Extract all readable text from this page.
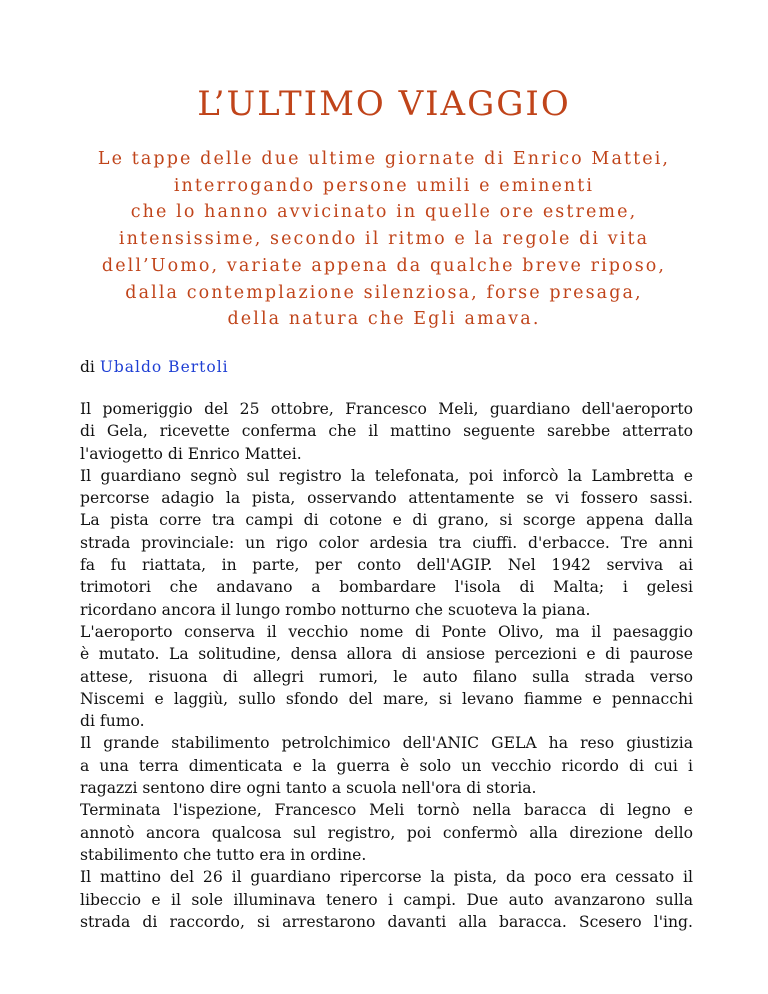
L’ULTIMO VIAGGIO
Le tappe delle due ultime giornate di Enrico Mattei,
interrogando persone umili e eminenti
che lo hanno avvicinato in quelle ore estreme,
intensissime, secondo il ritmo e la regole di vita
dell’Uomo, variate appena da qualche breve riposo,
dalla contemplazione silenziosa, forse presaga,
della natura che Egli amava.
di Ubaldo Bertoli
Il pomeriggio del 25 ottobre, Francesco Meli, guardiano dell'aeroporto
di Gela, ricevette conferma che il mattino seguente sarebbe atterrato
l'aviogetto di Enrico Mattei.
Il guardiano segnò sul registro la telefonata, poi inforcò la Lambretta e
percorse adagio la pista, osservando attentamente se vi fossero sassi.
La pista corre tra campi di cotone e di grano, si scorge appena dalla
strada provinciale: un rigo color ardesia tra ciuffi. d'erbacce. Tre anni
fa fu riattata, in parte, per conto dell'AGIP. Nel 1942 serviva ai
trimotori che andavano a bombardare l'isola di Malta; i gelesi
ricordano ancora il lungo rombo notturno che scuoteva la piana.
L'aeroporto conserva il vecchio nome di Ponte Olivo, ma il paesaggio
è mutato. La solitudine, densa allora di ansiose percezioni e di paurose
attese, risuona di allegri rumori, le auto filano sulla strada verso
Niscemi e laggiù, sullo sfondo del mare, si levano fiamme e pennacchi
di fumo.
Il grande stabilimento petrolchimico dell'ANIC GELA ha reso giustizia
a una terra dimenticata e la guerra è solo un vecchio ricordo di cui i
ragazzi sentono dire ogni tanto a scuola nell'ora di storia.
Terminata l'ispezione, Francesco Meli tornò nella baracca di legno e
annotò ancora qualcosa sul registro, poi confermò alla direzione dello
stabilimento che tutto era in ordine.
Il mattino del 26 il guardiano ripercorse la pista, da poco era cessato il
libeccio e il sole illuminava tenero i campi. Due auto avanzarono sulla
strada di raccordo, si arrestarono davanti alla baracca. Scesero l'ing.
